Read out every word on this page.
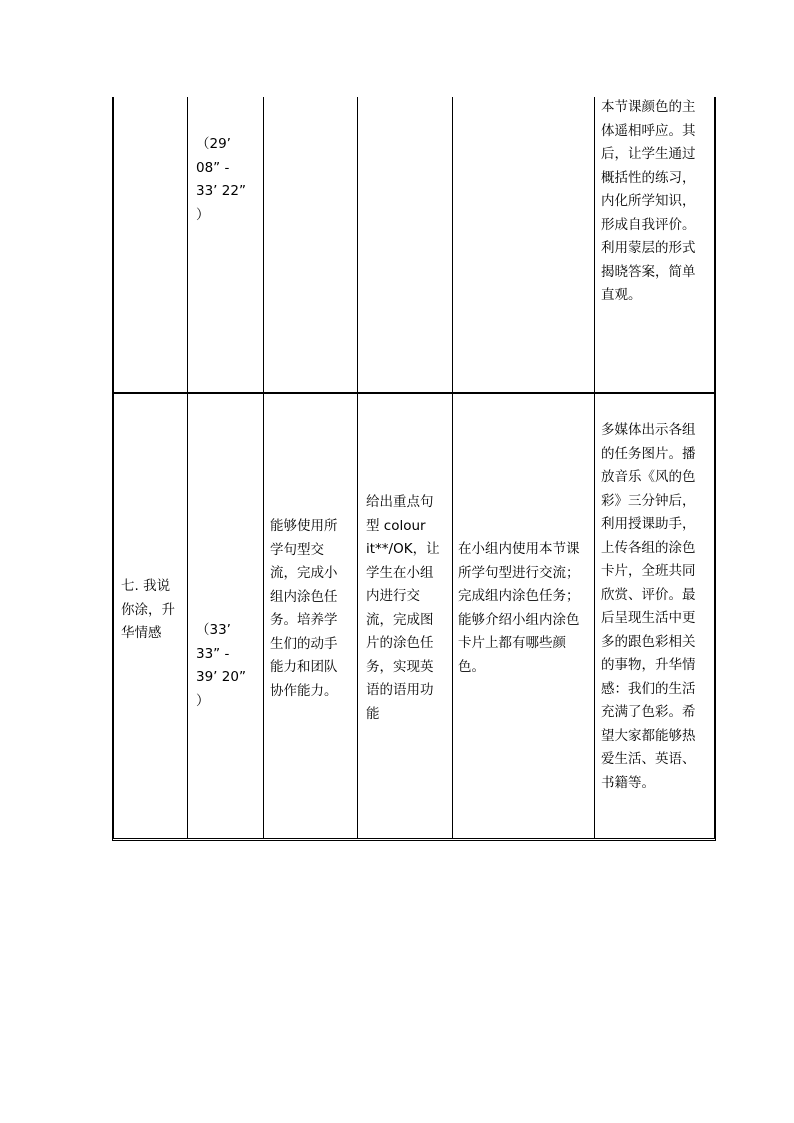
（29’
08” -
33’ 22”
）
本节课颜色的主
体遥相呼应。其
后，让学生通过
概括性的练习，
内化所学知识，
形成自我评价。
利用蒙层的形式
揭晓答案，简单
直观。
七. 我说
你涂，升
华情感	（33’
33” -
39’ 20”
）
能够使用所
学句型交
流，完成小
组内涂色任
务。培养学
生们的动手
能力和团队
协作能力。
给出重点句
型 colour
it**/OK，让
学生在小组
内进行交
流，完成图
片的涂色任
务，实现英
语的语用功
能
在小组内使用本节课
所学句型进行交流；
完成组内涂色任务；
能够介绍小组内涂色
卡片上都有哪些颜
色。
多媒体出示各组
的任务图片。播
放音乐《风的色
彩》三分钟后，
利用授课助手，
上传各组的涂色
卡片，全班共同
欣赏、评价。最
后呈现生活中更
多的跟色彩相关
的事物，升华情
感：我们的生活
充满了色彩。希
望大家都能够热
爱生活、英语、
书籍等。
